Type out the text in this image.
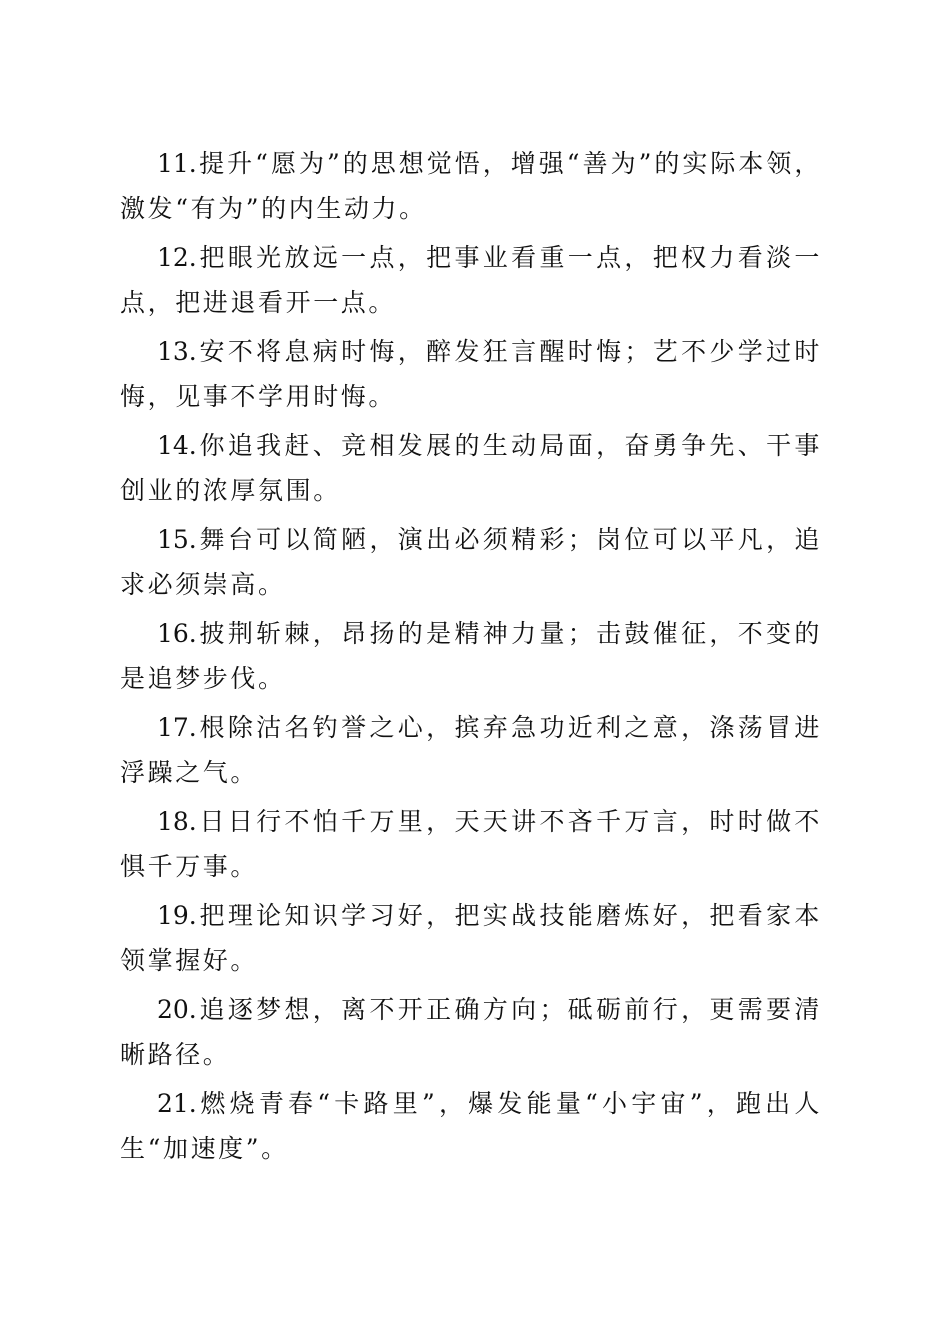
11.提升“愿为”的思想觉悟，增强“善为”的实际本领，激发“有为”的内生动力。

12.把眼光放远一点，把事业看重一点，把权力看淡一点，把进退看开一点。

13.安不将息病时悔，醉发狂言醒时悔；艺不少学过时悔，见事不学用时悔。

14.你追我赶、竞相发展的生动局面，奋勇争先、干事创业的浓厚氛围。

15.舞台可以简陋，演出必须精彩；岗位可以平凡，追求必须崇高。

16.披荆斩棘，昂扬的是精神力量；击鼓催征，不变的是追梦步伐。

17.根除沽名钓誉之心，摈弃急功近利之意，涤荡冒进浮躁之气。

18.日日行不怕千万里，天天讲不吝千万言，时时做不惧千万事。

19.把理论知识学习好，把实战技能磨炼好，把看家本领掌握好。

20.追逐梦想，离不开正确方向；砥砺前行，更需要清晰路径。

21.燃烧青春“卡路里”，爆发能量“小宇宙”，跑出人生“加速度”。
